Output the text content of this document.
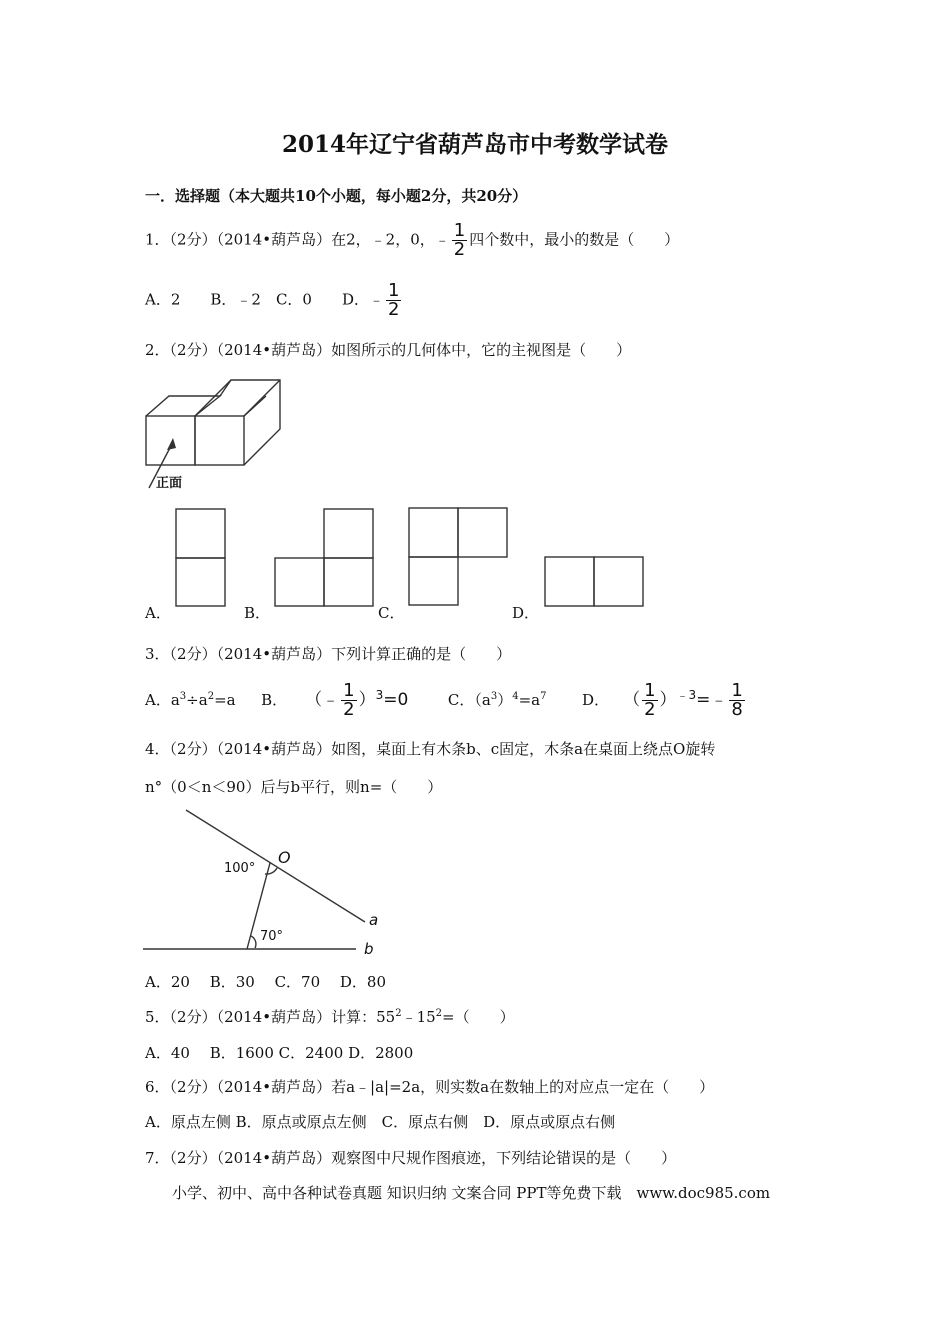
2014年辽宁省葫芦岛市中考数学试卷
一．选择题（本大题共10个小题，每小题2分，共20分）
1．（2分）（2014•葫芦岛）在2，﹣2，0，﹣ $\frac{1}{2}$ 四个数中，最小的数是（　　）
A．2　　B．﹣2　C．0　　D．﹣ $\frac{1}{2}$
2．（2分）（2014•葫芦岛）如图所示的几何体中，它的主视图是（　　）
正面
A．	B．	C．	D．
3．（2分）（2014•葫芦岛）下列计算正确的是（　　）
A．$a^3\div a^2=a$ B． （﹣ $\frac{1}{2} )^3=0$	C．$(a^3)^4=a^7$ D． （ $\frac{1}{2}$ ）$^{﹣3}$=﹣ $\frac{1}{8}$
4．（2分）（2014•葫芦岛）如图，桌面上有木条b、c固定，木条a在桌面上绕点O旋转
n°（0＜n＜90）后与b平行，则n=（　　）
O
a
b
100°
70°
A．20　 B．30　 C．70　 D．80
5．（2分）（2014•葫芦岛）计算：$55^2﹣15^2=$（　　）
A．40　 B．1600 C．2400 D．2800
6．（2分）（2014•葫芦岛）若a﹣|a|=2a，则实数a在数轴上的对应点一定在（　　）
A．原点左侧 B．原点或原点左侧　C．原点右侧　D．原点或原点右侧
7．（2分）（2014•葫芦岛）观察图中尺规作图痕迹，下列结论错误的是（　　）
小学、初中、高中各种试卷真题 知识归纳 文案合同 PPT等免费下载　www.doc985.com
